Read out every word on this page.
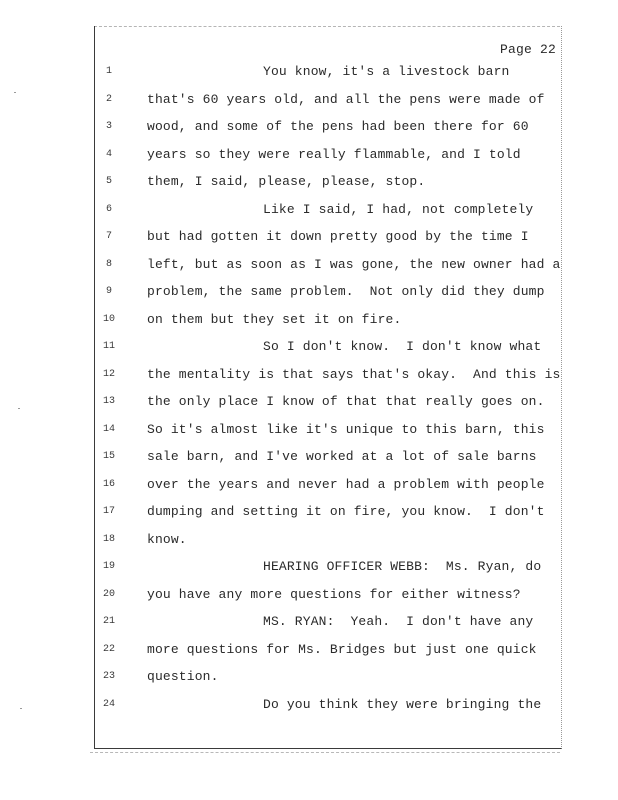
Page 22
1	You know, it's a livestock barn
2	that's 60 years old, and all the pens were made of
3	wood, and some of the pens had been there for 60
4	years so they were really flammable, and I told
5	them, I said, please, please, stop.
6	Like I said, I had, not completely
7	but had gotten it down pretty good by the time I
8	left, but as soon as I was gone, the new owner had a
9	problem, the same problem.  Not only did they dump
10	on them but they set it on fire.
11	So I don't know.  I don't know what
12	the mentality is that says that's okay.  And this is
13	the only place I know of that that really goes on.
14	So it's almost like it's unique to this barn, this
15	sale barn, and I've worked at a lot of sale barns
16	over the years and never had a problem with people
17	dumping and setting it on fire, you know.  I don't
18	know.
19	HEARING OFFICER WEBB:  Ms. Ryan, do
20	you have any more questions for either witness?
21	MS. RYAN:  Yeah.  I don't have any
22	more questions for Ms. Bridges but just one quick
23	question.
24	Do you think they were bringing the
